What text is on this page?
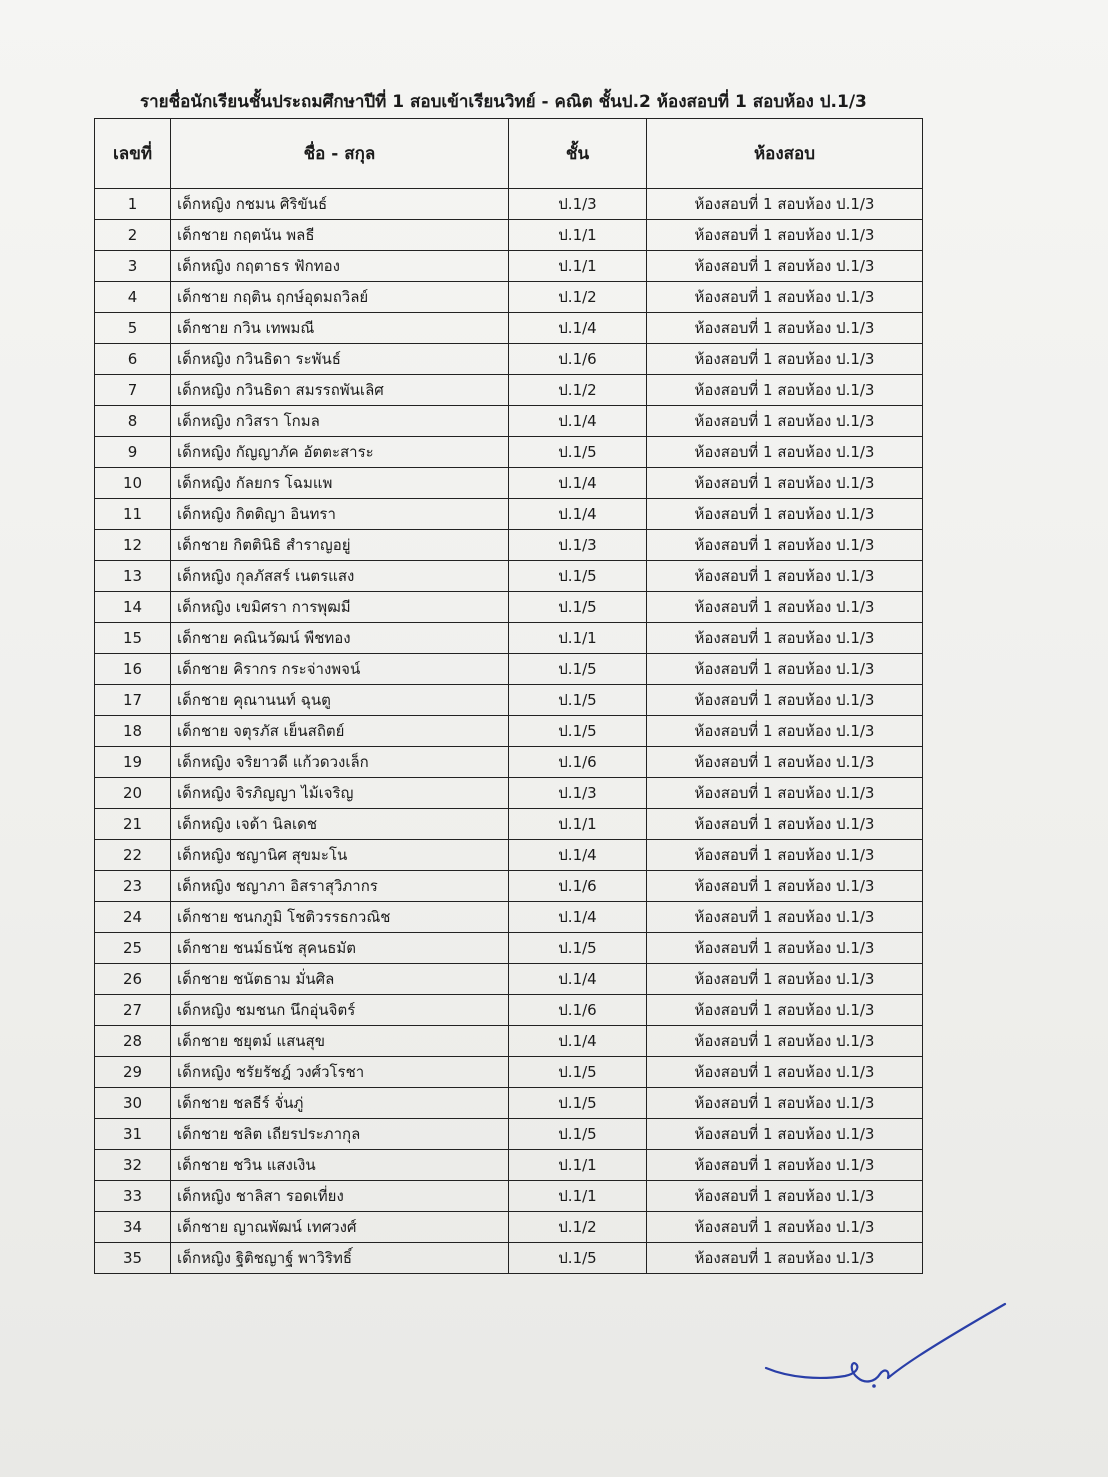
รายชื่อนักเรียนชั้นประถมศึกษาปีที่ 1 สอบเข้าเรียนวิทย์ - คณิต ชั้นป.2 ห้องสอบที่ 1 สอบห้อง ป.1/3
เลขที่	ชื่อ - สกุล	ชั้น	ห้องสอบ
1	เด็กหญิง กชมน ศิริขันธ์	ป.1/3	ห้องสอบที่ 1 สอบห้อง ป.1/3
2	เด็กชาย กฤตนัน พลธี	ป.1/1	ห้องสอบที่ 1 สอบห้อง ป.1/3
3	เด็กหญิง กฤตาธร ฟักทอง	ป.1/1	ห้องสอบที่ 1 สอบห้อง ป.1/3
4	เด็กชาย กฤติน ฤกษ์อุดมถวิลย์	ป.1/2	ห้องสอบที่ 1 สอบห้อง ป.1/3
5	เด็กชาย กวิน เทพมณี	ป.1/4	ห้องสอบที่ 1 สอบห้อง ป.1/3
6	เด็กหญิง กวินธิดา ระพันธ์	ป.1/6	ห้องสอบที่ 1 สอบห้อง ป.1/3
7	เด็กหญิง กวินธิดา สมรรถพันเลิศ	ป.1/2	ห้องสอบที่ 1 สอบห้อง ป.1/3
8	เด็กหญิง กวิสรา โกมล	ป.1/4	ห้องสอบที่ 1 สอบห้อง ป.1/3
9	เด็กหญิง กัญญาภัค อัตตะสาระ	ป.1/5	ห้องสอบที่ 1 สอบห้อง ป.1/3
10	เด็กหญิง กัลยกร โฉมแพ	ป.1/4	ห้องสอบที่ 1 สอบห้อง ป.1/3
11	เด็กหญิง กิตติญา อินทรา	ป.1/4	ห้องสอบที่ 1 สอบห้อง ป.1/3
12	เด็กชาย กิตตินิธิ สำราญอยู่	ป.1/3	ห้องสอบที่ 1 สอบห้อง ป.1/3
13	เด็กหญิง กุลภัสสร์ เนตรแสง	ป.1/5	ห้องสอบที่ 1 สอบห้อง ป.1/3
14	เด็กหญิง เขมิศรา การพุฒมี	ป.1/5	ห้องสอบที่ 1 สอบห้อง ป.1/3
15	เด็กชาย คณินวัฒน์ พืชทอง	ป.1/1	ห้องสอบที่ 1 สอบห้อง ป.1/3
16	เด็กชาย คิรากร กระจ่างพจน์	ป.1/5	ห้องสอบที่ 1 สอบห้อง ป.1/3
17	เด็กชาย คุณานนท์ ฉุนตู	ป.1/5	ห้องสอบที่ 1 สอบห้อง ป.1/3
18	เด็กชาย จตุรภัส เย็นสถิตย์	ป.1/5	ห้องสอบที่ 1 สอบห้อง ป.1/3
19	เด็กหญิง จริยาวดี แก้วดวงเล็ก	ป.1/6	ห้องสอบที่ 1 สอบห้อง ป.1/3
20	เด็กหญิง จิรภิญญา ไม้เจริญ	ป.1/3	ห้องสอบที่ 1 สอบห้อง ป.1/3
21	เด็กหญิง เจด้า นิลเดช	ป.1/1	ห้องสอบที่ 1 สอบห้อง ป.1/3
22	เด็กหญิง ชญานิศ สุขมะโน	ป.1/4	ห้องสอบที่ 1 สอบห้อง ป.1/3
23	เด็กหญิง ชญาภา อิสราสุวิภากร	ป.1/6	ห้องสอบที่ 1 สอบห้อง ป.1/3
24	เด็กชาย ชนกภูมิ โชติวรรธกวณิช	ป.1/4	ห้องสอบที่ 1 สอบห้อง ป.1/3
25	เด็กชาย ชนม์ธนัช สุคนธมัต	ป.1/5	ห้องสอบที่ 1 สอบห้อง ป.1/3
26	เด็กชาย ชนัตธาม มั่นศิล	ป.1/4	ห้องสอบที่ 1 สอบห้อง ป.1/3
27	เด็กหญิง ชมชนก นึกอุ่นจิตร์	ป.1/6	ห้องสอบที่ 1 สอบห้อง ป.1/3
28	เด็กชาย ชยุตม์ แสนสุข	ป.1/4	ห้องสอบที่ 1 สอบห้อง ป.1/3
29	เด็กหญิง ชรัยรัชฎ์ วงศ์วโรชา	ป.1/5	ห้องสอบที่ 1 สอบห้อง ป.1/3
30	เด็กชาย ชลธีร์ จั่นภู่	ป.1/5	ห้องสอบที่ 1 สอบห้อง ป.1/3
31	เด็กชาย ชลิต เถียรประภากุล	ป.1/5	ห้องสอบที่ 1 สอบห้อง ป.1/3
32	เด็กชาย ชวิน แสงเงิน	ป.1/1	ห้องสอบที่ 1 สอบห้อง ป.1/3
33	เด็กหญิง ชาลิสา รอดเที่ยง	ป.1/1	ห้องสอบที่ 1 สอบห้อง ป.1/3
34	เด็กชาย ญาณพัฒน์ เทศวงศ์	ป.1/2	ห้องสอบที่ 1 สอบห้อง ป.1/3
35	เด็กหญิง ฐิติชญาฐ์ พาวิริทธิ์	ป.1/5	ห้องสอบที่ 1 สอบห้อง ป.1/3
